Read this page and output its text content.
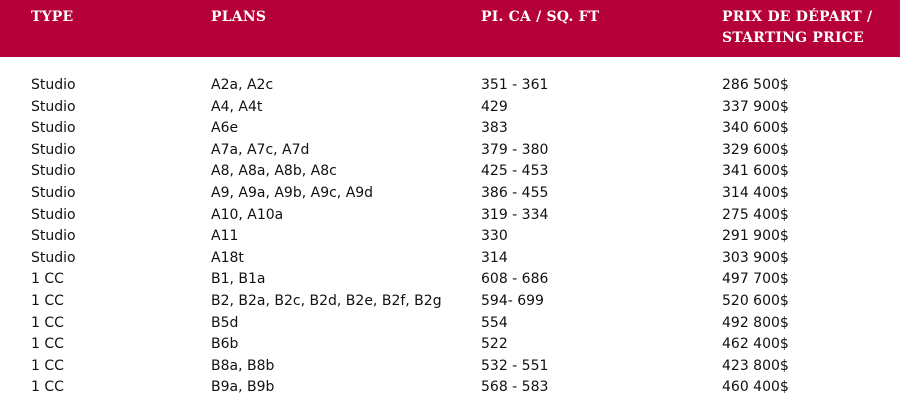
TYPE	PLANS	PI. CA / SQ. FT	PRIX DE DÉPART /
STARTING PRICE
Studio	A2a, A2c	351 - 361	286 500$
Studio	A4, A4t	429	337 900$
Studio	A6e	383	340 600$
Studio	A7a, A7c, A7d	379 - 380	329 600$
Studio	A8, A8a, A8b, A8c	425 - 453	341 600$
Studio	A9, A9a, A9b, A9c, A9d	386 - 455	314 400$
Studio	A10, A10a	319 - 334	275 400$
Studio	A11	330	291 900$
Studio	A18t	314	303 900$
1 CC	B1, B1a	608 - 686	497 700$
1 CC	B2, B2a, B2c, B2d, B2e, B2f, B2g	594- 699	520 600$
1 CC	B5d	554	492 800$
1 CC	B6b	522	462 400$
1 CC	B8a, B8b	532 - 551	423 800$
1 CC	B9a, B9b	568 - 583	460 400$
